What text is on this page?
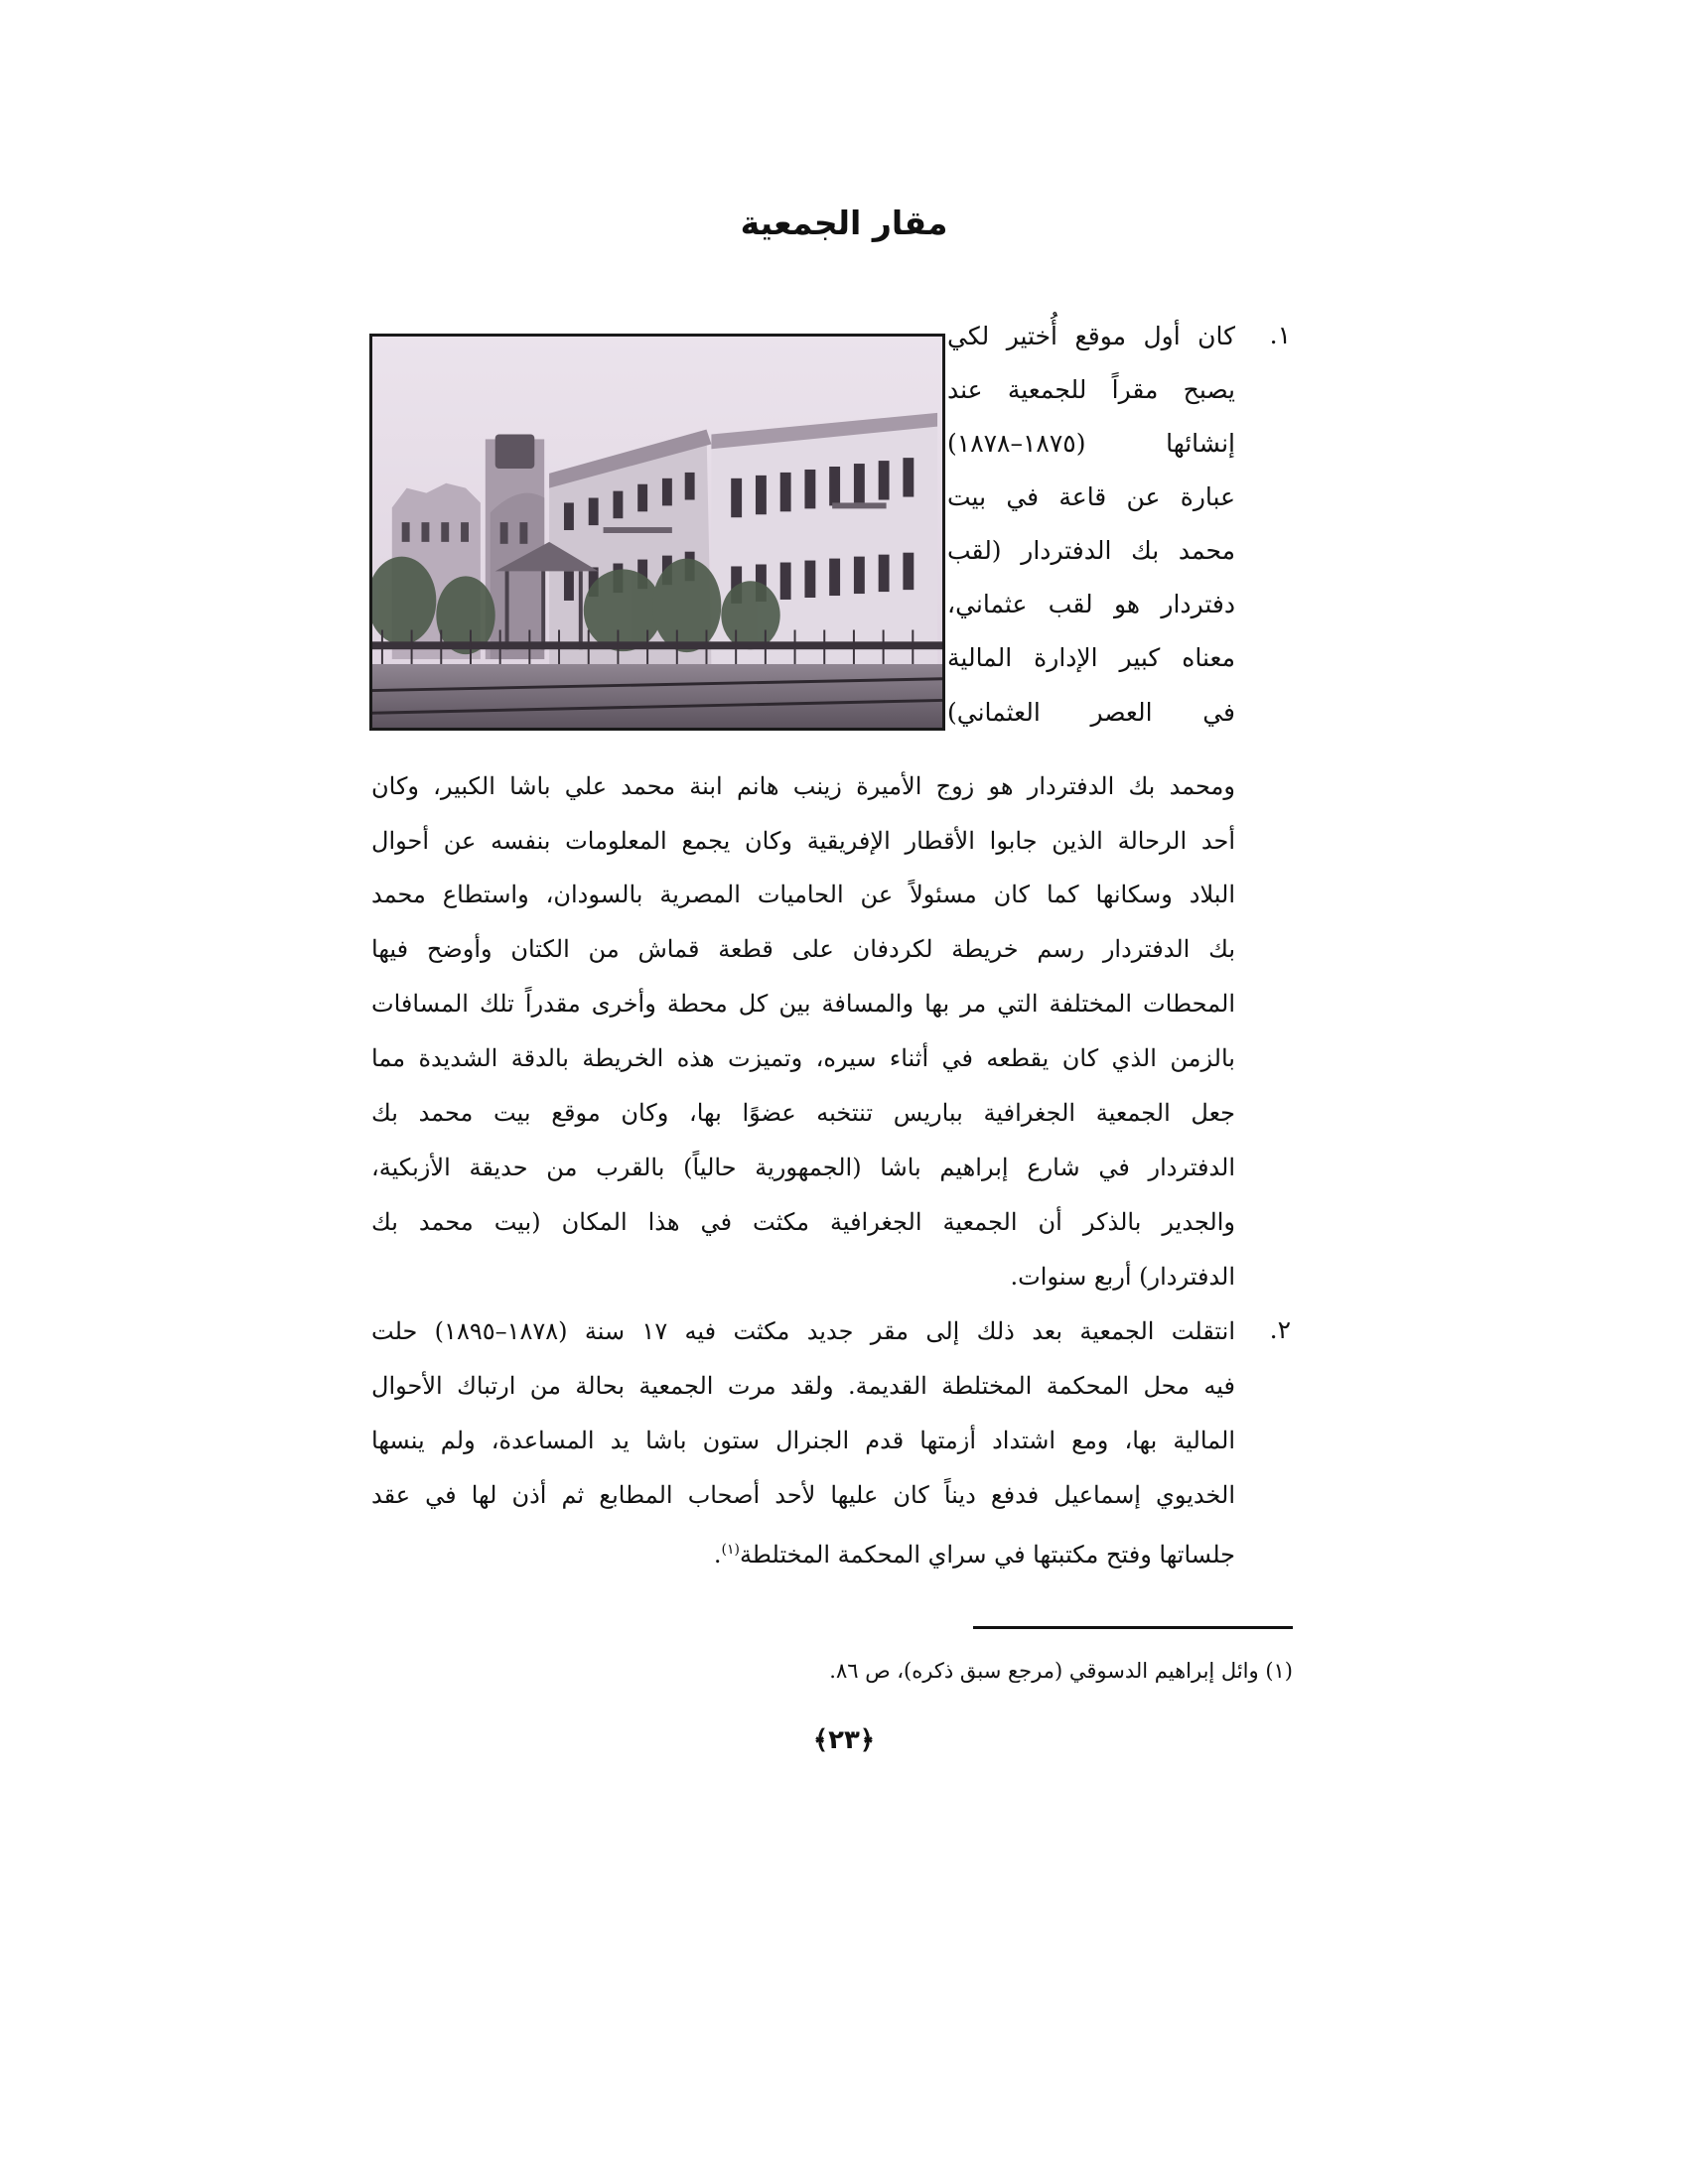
مقار الجمعية
١.
كان أول موقع أُختير لكي
يصبح مقراً للجمعية عند
إنشائها (١٨٧٥–١٨٧٨)
عبارة عن قاعة في بيت
محمد بك الدفتردار (لقب
دفتردار هو لقب عثماني،
معناه كبير الإدارة المالية
في العصر العثماني)
ومحمد بك الدفتردار هو زوج الأميرة زينب هانم ابنة محمد علي باشا الكبير، وكان
أحد الرحالة الذين جابوا الأقطار الإفريقية وكان يجمع المعلومات بنفسه عن أحوال
البلاد وسكانها كما كان مسئولاً عن الحاميات المصرية بالسودان، واستطاع محمد
بك الدفتردار رسم خريطة لكردفان على قطعة قماش من الكتان وأوضح فيها
المحطات المختلفة التي مر بها والمسافة بين كل محطة وأخرى مقدراً تلك المسافات
بالزمن الذي كان يقطعه في أثناء سيره، وتميزت هذه الخريطة بالدقة الشديدة مما
جعل الجمعية الجغرافية بباريس تنتخبه عضوًا بها، وكان موقع بيت محمد بك
الدفتردار في شارع إبراهيم باشا (الجمهورية حالياً) بالقرب من حديقة الأزبكية،
والجدير بالذكر أن الجمعية الجغرافية مكثت في هذا المكان (بيت محمد بك
الدفتردار) أربع سنوات.
٢.
انتقلت الجمعية بعد ذلك إلى مقر جديد مكثت فيه ١٧ سنة (١٨٧٨–١٨٩٥) حلت
فيه محل المحكمة المختلطة القديمة. ولقد مرت الجمعية بحالة من ارتباك الأحوال
المالية بها، ومع اشتداد أزمتها قدم الجنرال ستون باشا يد المساعدة، ولم ينسها
الخديوي إسماعيل فدفع ديناً كان عليها لأحد أصحاب المطابع ثم أذن لها في عقد
جلساتها وفتح مكتبتها في سراي المحكمة المختلطة$^{(١)}$.
(١) وائل إبراهيم الدسوقي (مرجع سبق ذكره)، ص ٨٦.
﴿٢٣﴾
